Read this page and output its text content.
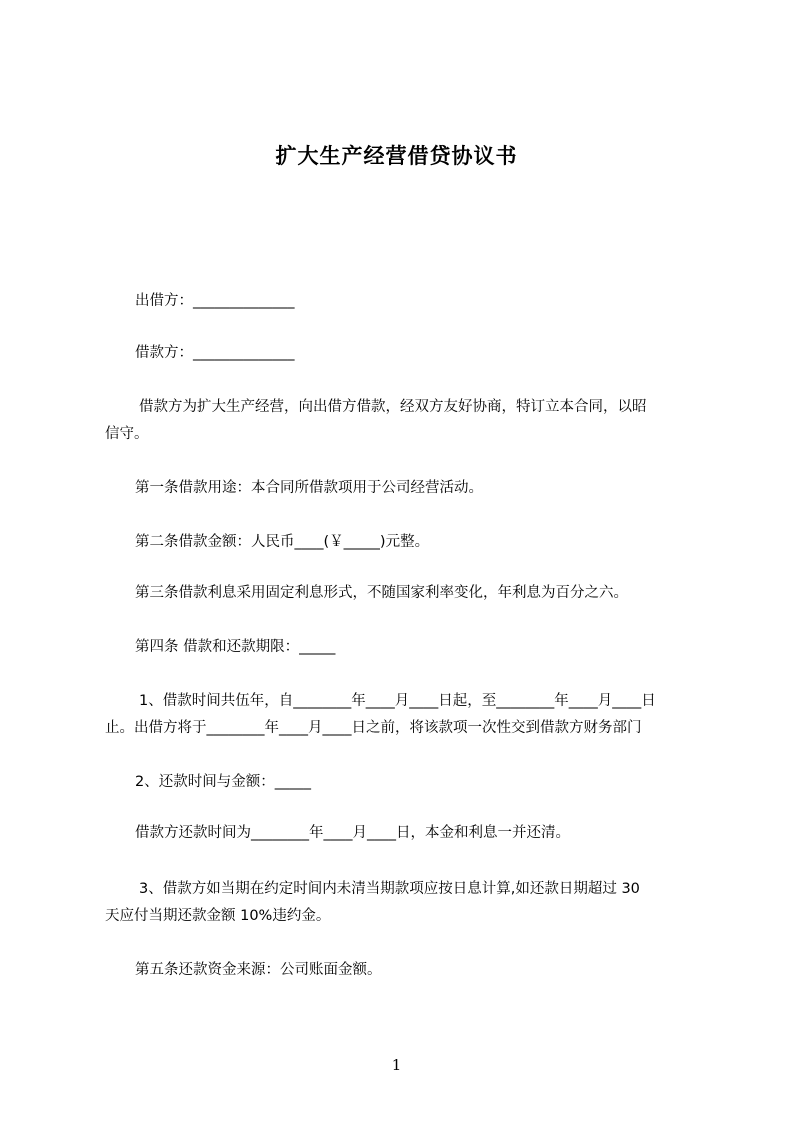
扩大生产经营借贷协议书
出借方：______________
借款方：______________
借款方为扩大生产经营，向出借方借款，经双方友好协商，特订立本合同，以昭
信守。
第一条借款用途：本合同所借款项用于公司经营活动。
第二条借款金额：人民币____(￥_____)元整。
第三条借款利息采用固定利息形式，不随国家利率变化，年利息为百分之六。
第四条 借款和还款期限：_____
1、借款时间共伍年，自________年____月____日起，至________年____月____日
止。出借方将于________年____月____日之前，将该款项一次性交到借款方财务部门
2、还款时间与金额：_____
借款方还款时间为________年____月____日，本金和利息一并还清。
3、借款方如当期在约定时间内未清当期款项应按日息计算,如还款日期超过 30
天应付当期还款金额 10%违约金。
第五条还款资金来源：公司账面金额。
1
